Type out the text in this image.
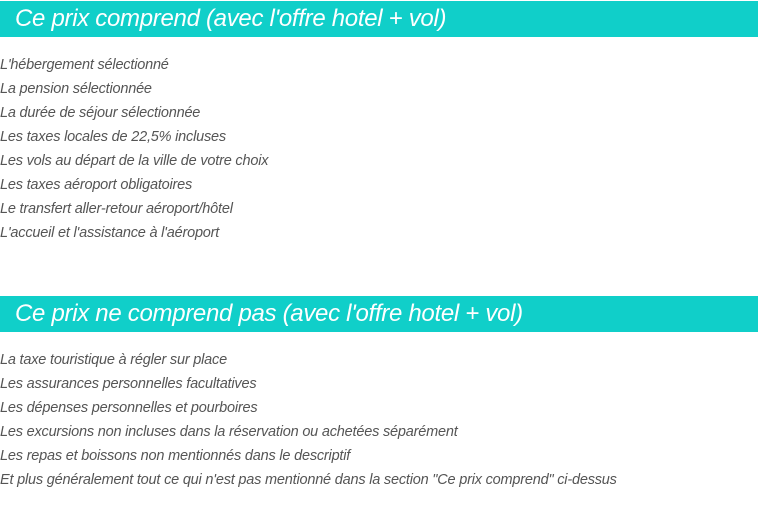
Ce prix comprend (avec l'offre hotel + vol)
L'hébergement sélectionné
La pension sélectionnée
La durée de séjour sélectionnée
Les taxes locales de 22,5% incluses
Les vols au départ de la ville de votre choix
Les taxes aéroport obligatoires
Le transfert aller-retour aéroport/hôtel
L'accueil et l'assistance à l'aéroport
Ce prix ne comprend pas (avec l'offre hotel + vol)
La taxe touristique à régler sur place
Les assurances personnelles facultatives
Les dépenses personnelles et pourboires
Les excursions non incluses dans la réservation ou achetées séparément
Les repas et boissons non mentionnés dans le descriptif
Et plus généralement tout ce qui n'est pas mentionné dans la section "Ce prix comprend" ci-dessus
